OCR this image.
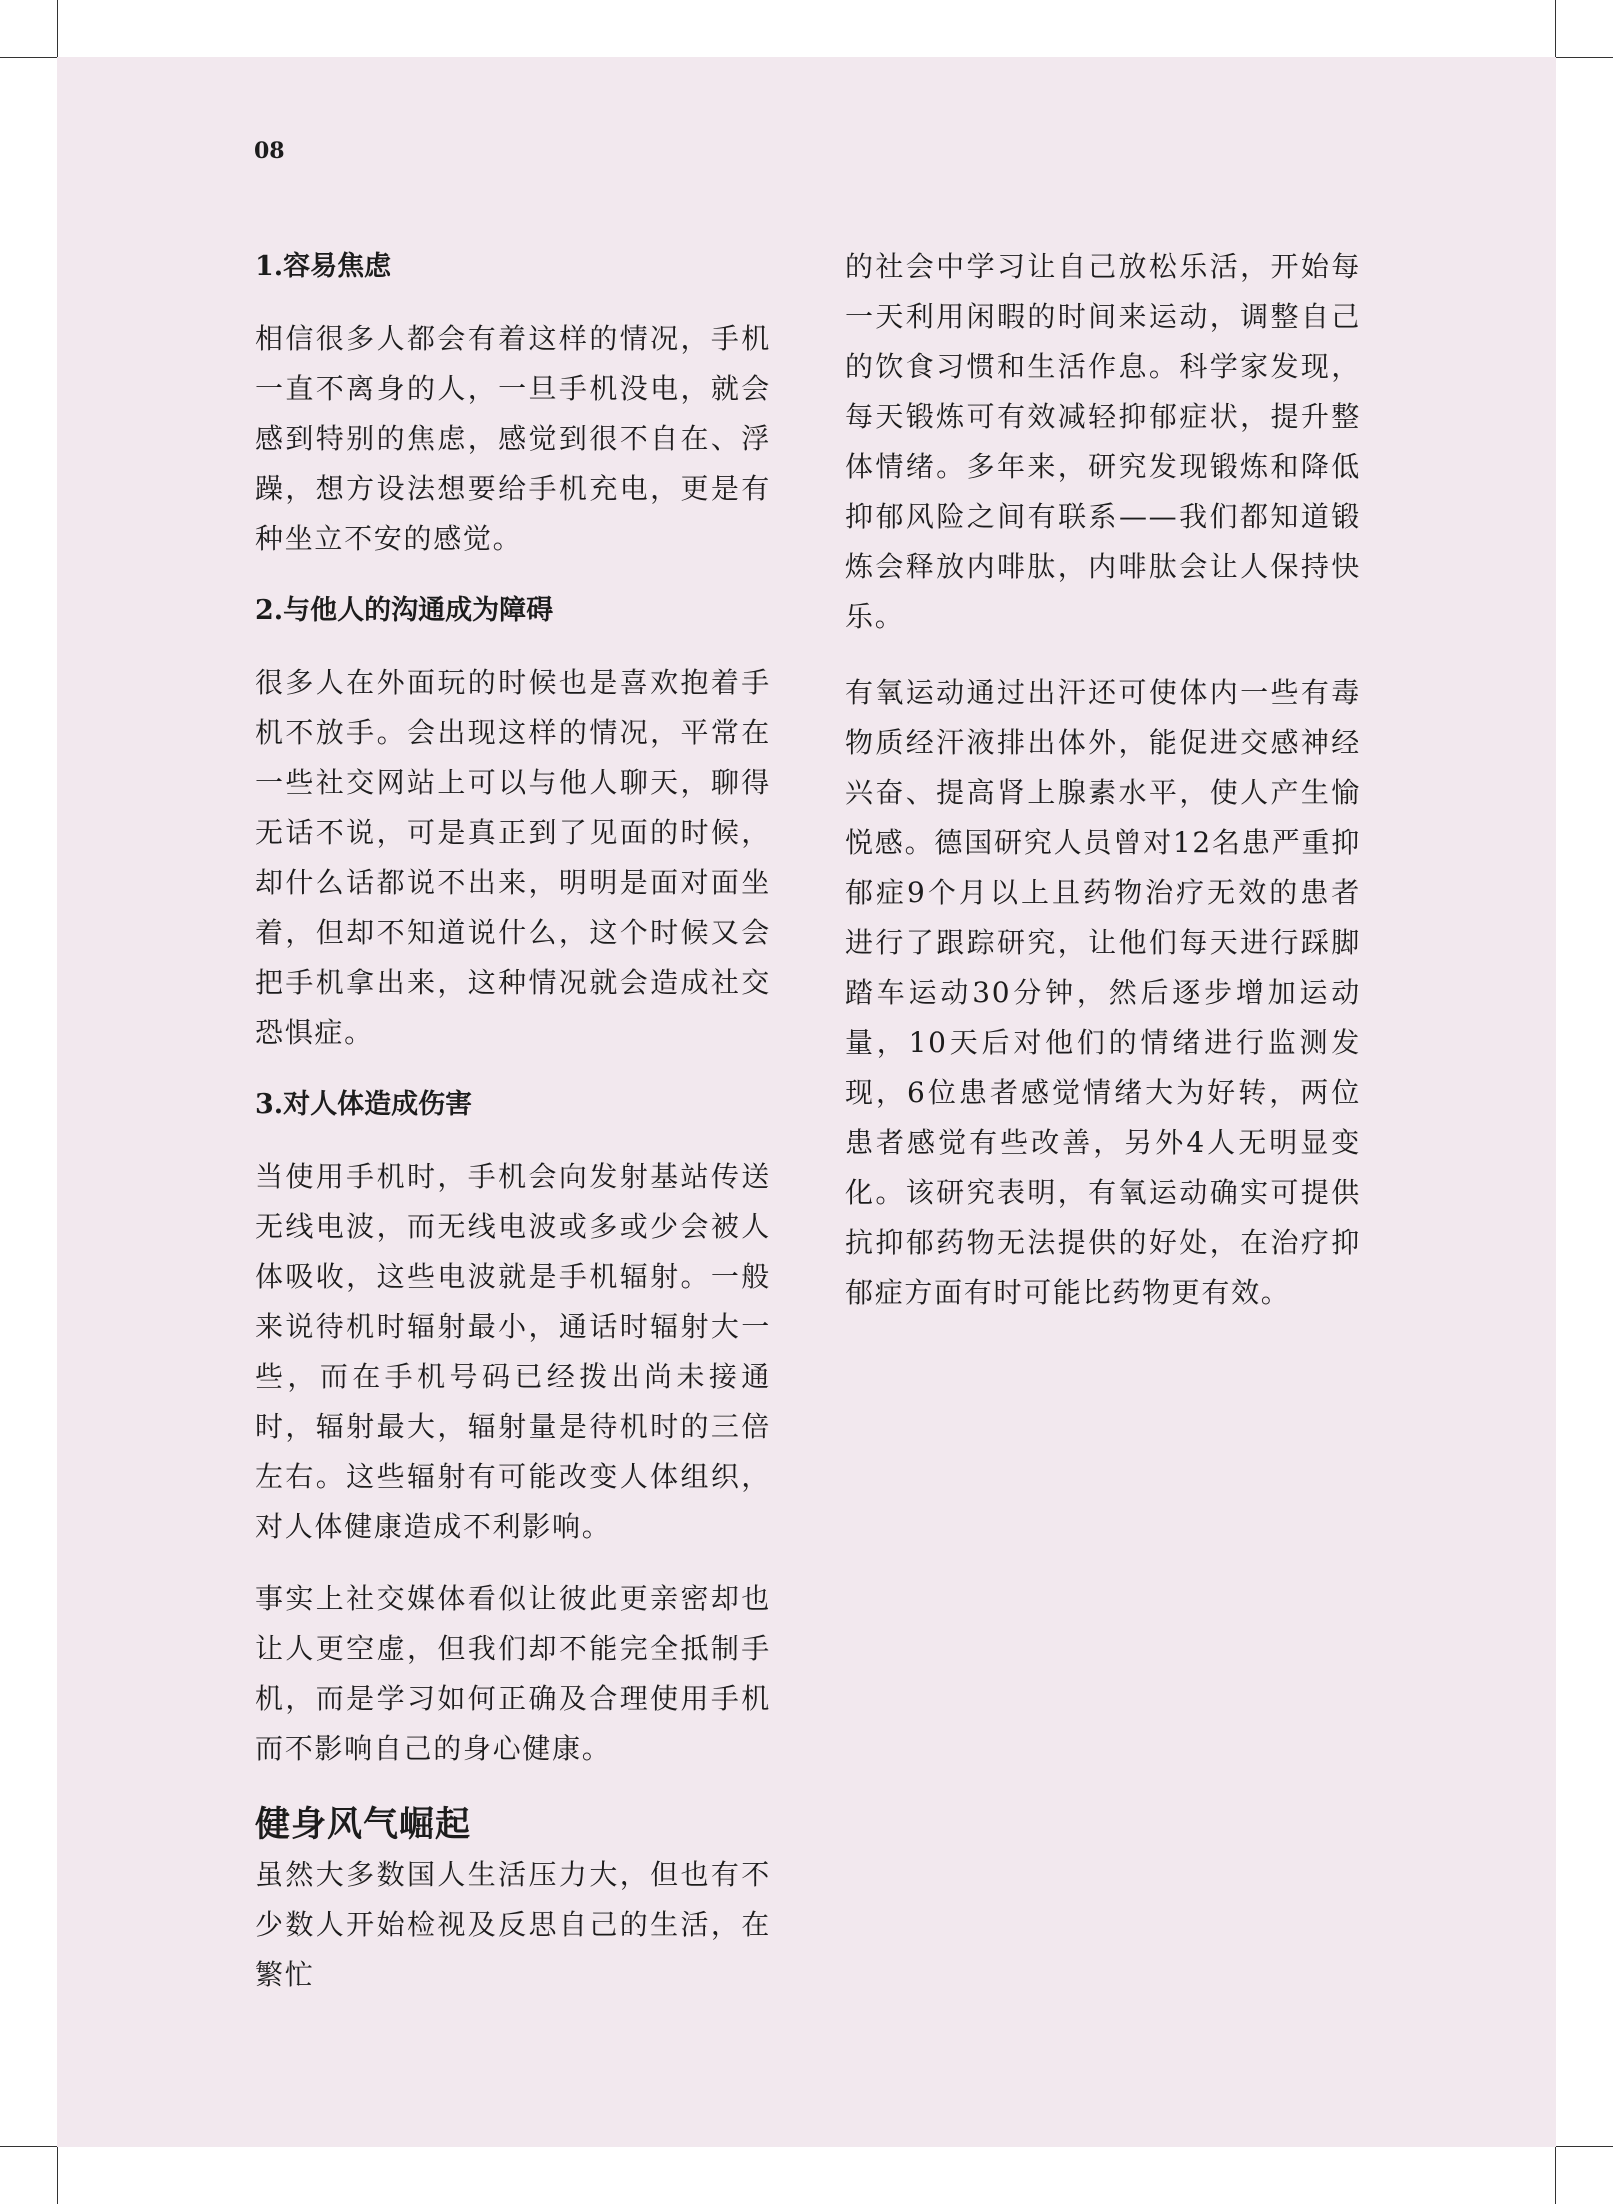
08

1.容易焦虑

相信很多人都会有着这样的情况，手机一直不离身的人，一旦手机没电，就会感到特别的焦虑，感觉到很不自在、浮躁，想方设法想要给手机充电，更是有种坐立不安的感觉。

2.与他人的沟通成为障碍

很多人在外面玩的时候也是喜欢抱着手机不放手。会出现这样的情况，平常在一些社交网站上可以与他人聊天，聊得无话不说，可是真正到了见面的时候，却什么话都说不出来，明明是面对面坐着，但却不知道说什么，这个时候又会把手机拿出来，这种情况就会造成社交恐惧症。

3.对人体造成伤害

当使用手机时，手机会向发射基站传送无线电波，而无线电波或多或少会被人体吸收，这些电波就是手机辐射。一般来说待机时辐射最小，通话时辐射大一些，而在手机号码已经拨出尚未接通时，辐射最大，辐射量是待机时的三倍左右。这些辐射有可能改变人体组织，对人体健康造成不利影响。

事实上社交媒体看似让彼此更亲密却也让人更空虚，但我们却不能完全抵制手机，而是学习如何正确及合理使用手机而不影响自己的身心健康。

健身风气崛起

虽然大多数国人生活压力大，但也有不少数人开始检视及反思自己的生活，在繁忙

的社会中学习让自己放松乐活，开始每一天利用闲暇的时间来运动，调整自己的饮食习惯和生活作息。科学家发现，每天锻炼可有效减轻抑郁症状，提升整体情绪。多年来，研究发现锻炼和降低抑郁风险之间有联系——我们都知道锻炼会释放内啡肽，内啡肽会让人保持快乐。

有氧运动通过出汗还可使体内一些有毒物质经汗液排出体外，能促进交感神经兴奋、提高肾上腺素水平，使人产生愉悦感。德国研究人员曾对12名患严重抑郁症9个月以上且药物治疗无效的患者进行了跟踪研究，让他们每天进行踩脚踏车运动30分钟，然后逐步增加运动量，10天后对他们的情绪进行监测发现，6位患者感觉情绪大为好转，两位患者感觉有些改善，另外4人无明显变化。该研究表明，有氧运动确实可提供抗抑郁药物无法提供的好处，在治疗抑郁症方面有时可能比药物更有效。
